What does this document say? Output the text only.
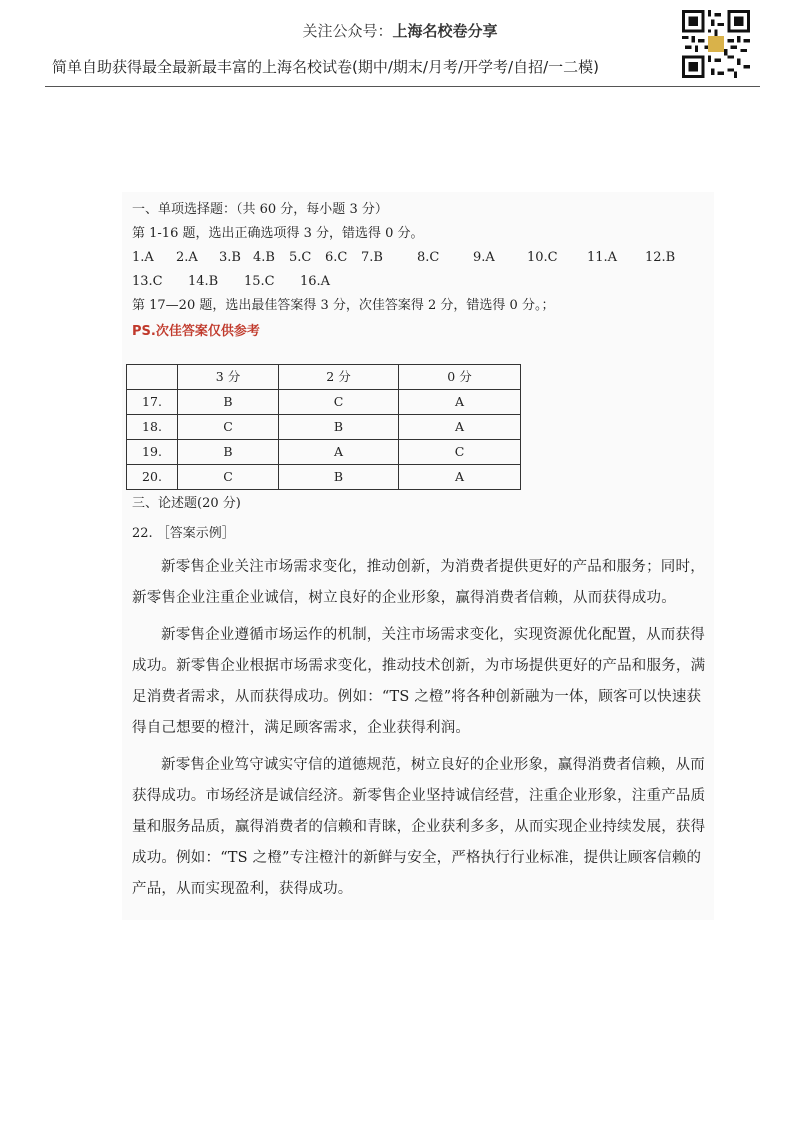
关注公众号：上海名校卷分享
简单自助获得最全最新最丰富的上海名校试卷(期中/期末/月考/开学考/自招/一二模)

一、单项选择题：（共 60 分，每小题 3 分）

第 1-16 题，选出正确选项得 3 分，错选得 0 分。

1.A	2.A	3.B 4.B	5.C	6.C	7.B	8.C	9.A	10.C	11.A	12.B
13.C	14.B	15.C	16.A

第 17—20 题，选出最佳答案得 3 分，次佳答案得 2 分，错选得 0 分。；

PS.次佳答案仅供参考

	3 分	2 分	0 分
17.	B	C	A
18.	C	B	A
19.	B	A	C
20.	C	B	A

三、论述题(20 分)

22. ［答案示例］

新零售企业关注市场需求变化，推动创新，为消费者提供更好的产品和服务；同时，新零售企业注重企业诚信，树立良好的企业形象，赢得消费者信赖，从而获得成功。

新零售企业遵循市场运作的机制，关注市场需求变化，实现资源优化配置，从而获得成功。新零售企业根据市场需求变化，推动技术创新，为市场提供更好的产品和服务，满足消费者需求，从而获得成功。例如：“TS 之橙”将各种创新融为一体，顾客可以快速获得自己想要的橙汁，满足顾客需求，企业获得利润。

新零售企业笃守诚实守信的道德规范，树立良好的企业形象，赢得消费者信赖，从而获得成功。市场经济是诚信经济。新零售企业坚持诚信经营，注重企业形象，注重产品质量和服务品质，赢得消费者的信赖和青睐，企业获利多多，从而实现企业持续发展，获得成功。例如：“TS 之橙”专注橙汁的新鲜与安全，严格执行行业标准，提供让顾客信赖的产品，从而实现盈利，获得成功。
